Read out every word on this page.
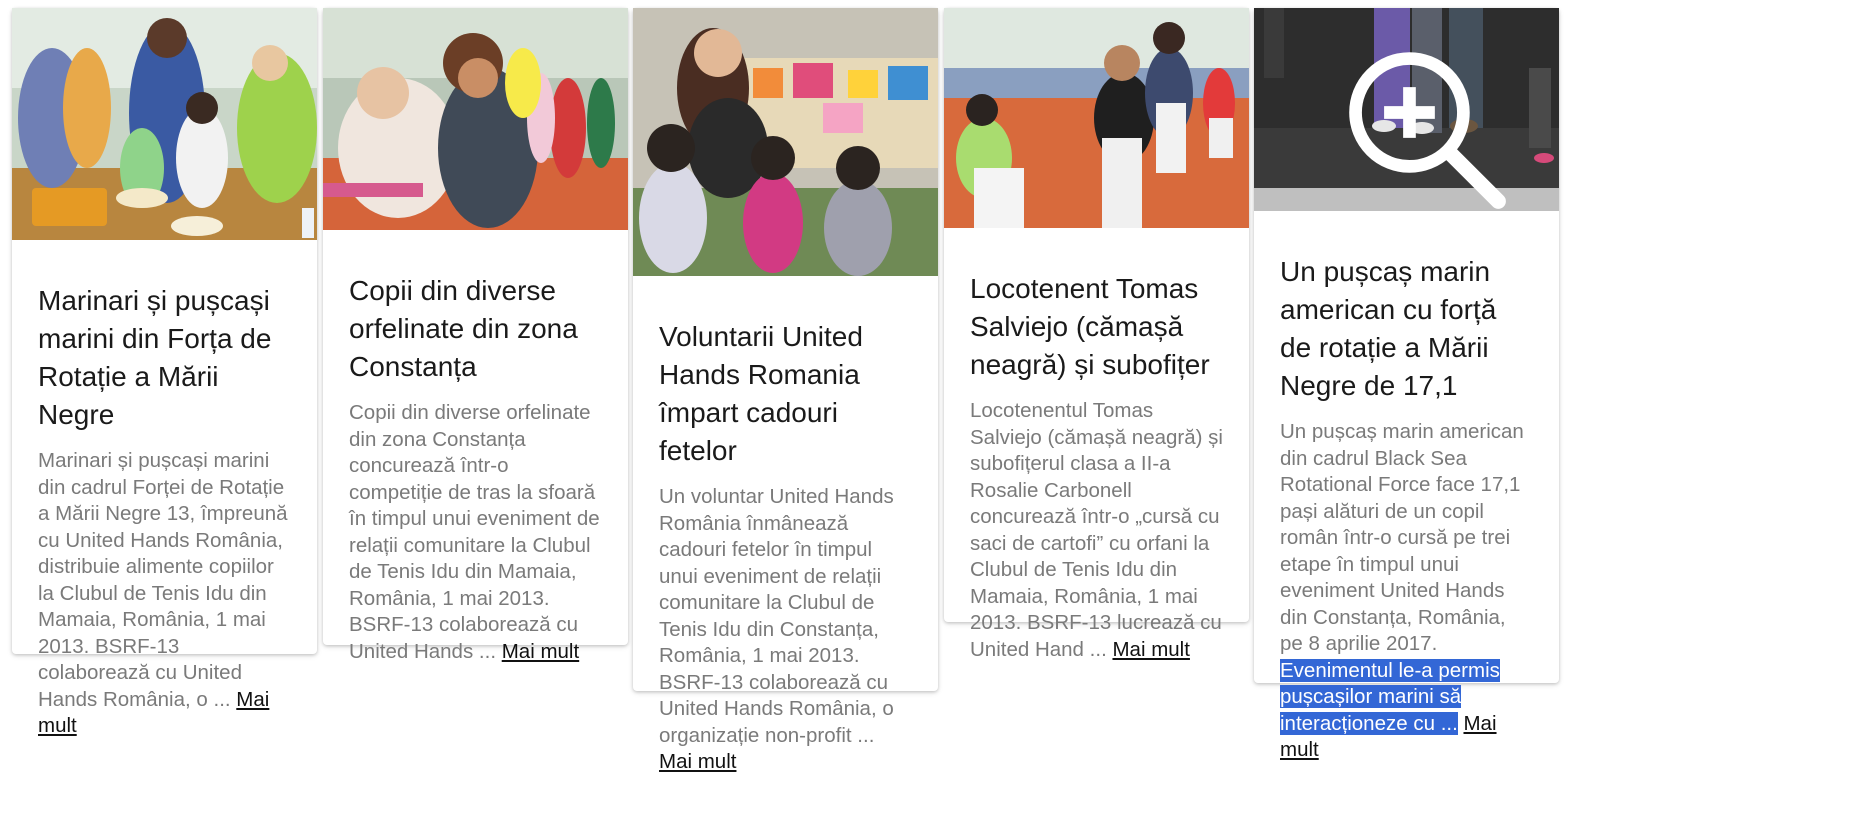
Marinari și pușcași marini din Forța de Rotație a Mării Negre

Marinari și pușcași marini din cadrul Forței de Rotație a Mării Negre 13, împreună cu United Hands România, distribuie alimente copiilor la Clubul de Tenis Idu din Mamaia, România, 1 mai 2013. BSRF-13 colaborează cu United Hands România, o ... Mai mult

Copii din diverse orfelinate din zona Constanța

Copii din diverse orfelinate din zona Constanța concurează într-o competiție de tras la sfoară în timpul unui eveniment de relații comunitare la Clubul de Tenis Idu din Mamaia, România, 1 mai 2013. BSRF-13 colaborează cu United Hands ... Mai mult

Voluntarii United Hands Romania împart cadouri fetelor

Un voluntar United Hands România înmânează cadouri fetelor în timpul unui eveniment de relații comunitare la Clubul de Tenis Idu din Constanța, România, 1 mai 2013. BSRF-13 colaborează cu United Hands România, o organizație non-profit ... Mai mult

Locotenent Tomas Salviejo (cămașă neagră) și subofițer

Locotenentul Tomas Salviejo (cămașă neagră) și subofițerul clasa a II-a Rosalie Carbonell concurează într-o „cursă cu saci de cartofi” cu orfani la Clubul de Tenis Idu din Mamaia, România, 1 mai 2013. BSRF-13 lucrează cu United Hand ... Mai mult

Un pușcaș marin american cu forță de rotație a Mării Negre de 17,1

Un pușcaș marin american din cadrul Black Sea Rotational Force face 17,1 pași alături de un copil român într-o cursă pe trei etape în timpul unui eveniment United Hands din Constanța, România, pe 8 aprilie 2017. Evenimentul le-a permis pușcașilor marini să interacționeze cu ... Mai mult
